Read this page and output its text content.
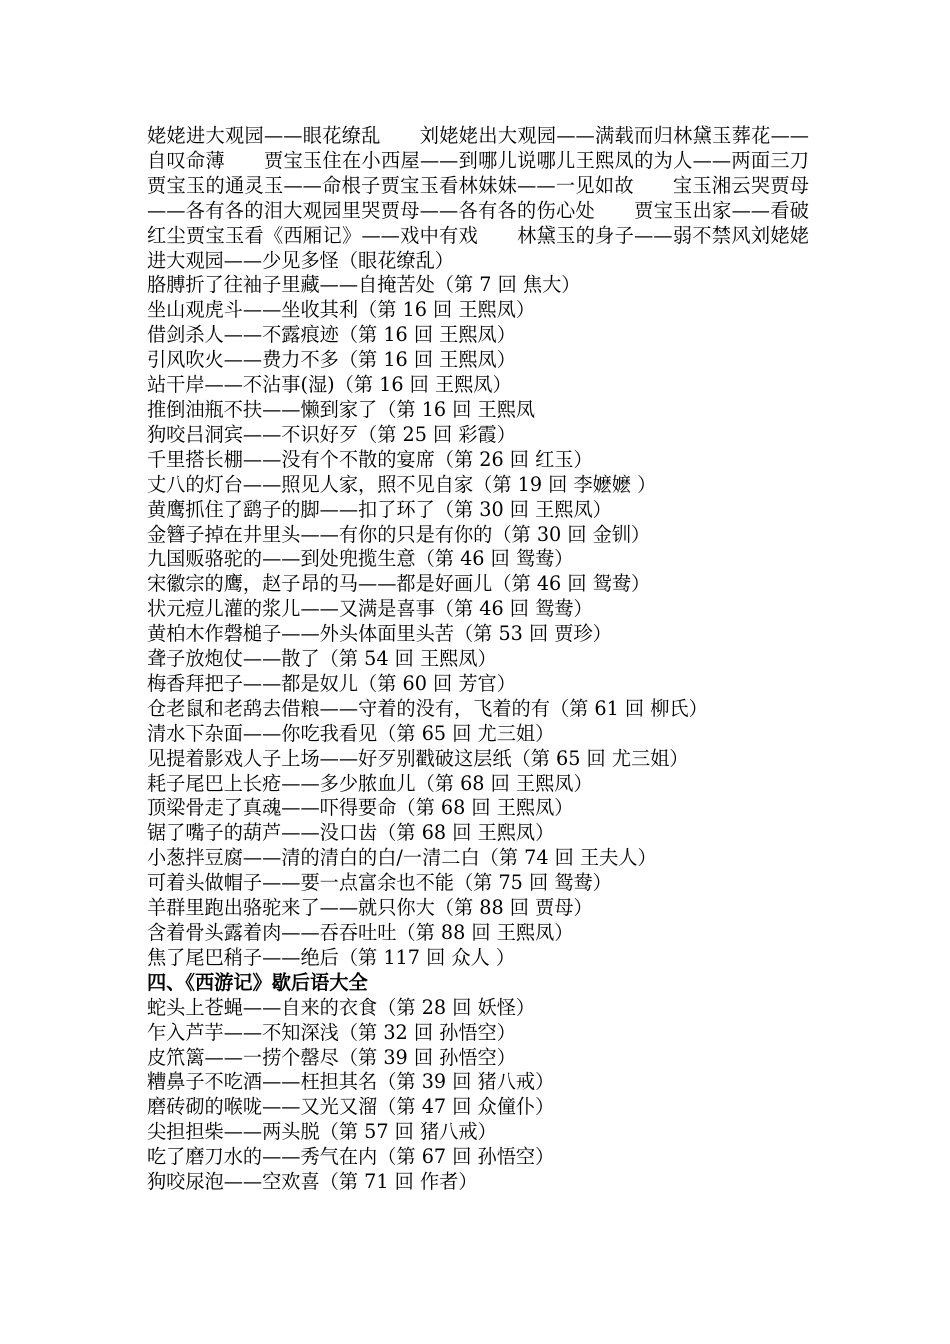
姥姥进大观园——眼花缭乱　　刘姥姥出大观园——满载而归林黛玉葬花——自叹命薄　　贾宝玉住在小西屋——到哪儿说哪儿王熙凤的为人——两面三刀　　　贾宝玉的通灵玉——命根子贾宝玉看林妹妹——一见如故　　宝玉湘云哭贾母——各有各的泪大观园里哭贾母——各有各的伤心处　　贾宝玉出家——看破红尘贾宝玉看《西厢记》——戏中有戏　　林黛玉的身子——弱不禁风刘姥姥进大观园——少见多怪（眼花缭乱）

胳膊折了往袖子里藏——自掩苦处（第 7 回 焦大）

坐山观虎斗——坐收其利（第 16 回 王熙凤）

借剑杀人——不露痕迹（第 16 回 王熙凤）

引风吹火——费力不多（第 16 回 王熙凤）

站干岸——不沾事(湿)（第 16 回 王熙凤）

推倒油瓶不扶——懒到家了（第 16 回 王熙凤

狗咬吕洞宾——不识好歹（第 25 回 彩霞）

千里搭长棚——没有个不散的宴席（第 26 回 红玉）

丈八的灯台——照见人家，照不见自家（第 19 回 李嬷嬷 ）

黄鹰抓住了鹞子的脚——扣了环了（第 30 回 王熙凤）

金簪子掉在井里头——有你的只是有你的（第 30 回 金钏）

九国贩骆驼的——到处兜揽生意（第 46 回 鸳鸯）

宋徽宗的鹰，赵子昂的马——都是好画儿（第 46 回 鸳鸯）

状元痘儿灌的浆儿——又满是喜事（第 46 回 鸳鸯）

黄柏木作磬槌子——外头体面里头苦（第 53 回 贾珍）

聋子放炮仗——散了（第 54 回 王熙凤）

梅香拜把子——都是奴儿（第 60 回 芳官）

仓老鼠和老鸹去借粮——守着的没有，飞着的有（第 61 回 柳氏）

清水下杂面——你吃我看见（第 65 回 尤三姐）

见提着影戏人子上场——好歹别戳破这层纸（第 65 回 尤三姐）

耗子尾巴上长疮——多少脓血儿（第 68 回 王熙凤）

顶梁骨走了真魂——吓得要命（第 68 回 王熙凤）

锯了嘴子的葫芦——没口齿（第 68 回 王熙凤）

小葱拌豆腐——清的清白的白/一清二白（第 74 回 王夫人）

可着头做帽子——要一点富余也不能（第 75 回 鸳鸯）

羊群里跑出骆驼来了——就只你大（第 88 回 贾母）

含着骨头露着肉——吞吞吐吐（第 88 回 王熙凤）

焦了尾巴稍子——绝后（第 117 回 众人 ）

四、《西游记》歇后语大全

蛇头上苍蝇——自来的衣食（第 28 回 妖怪）

乍入芦芋——不知深浅（第 32 回 孙悟空）

皮笊篱——一捞个罄尽（第 39 回 孙悟空）

糟鼻子不吃酒——枉担其名（第 39 回 猪八戒）

磨砖砌的喉咙——又光又溜（第 47 回 众僮仆）

尖担担柴——两头脱（第 57 回 猪八戒）

吃了磨刀水的——秀气在内（第 67 回 孙悟空）

狗咬尿泡——空欢喜（第 71 回 作者）
